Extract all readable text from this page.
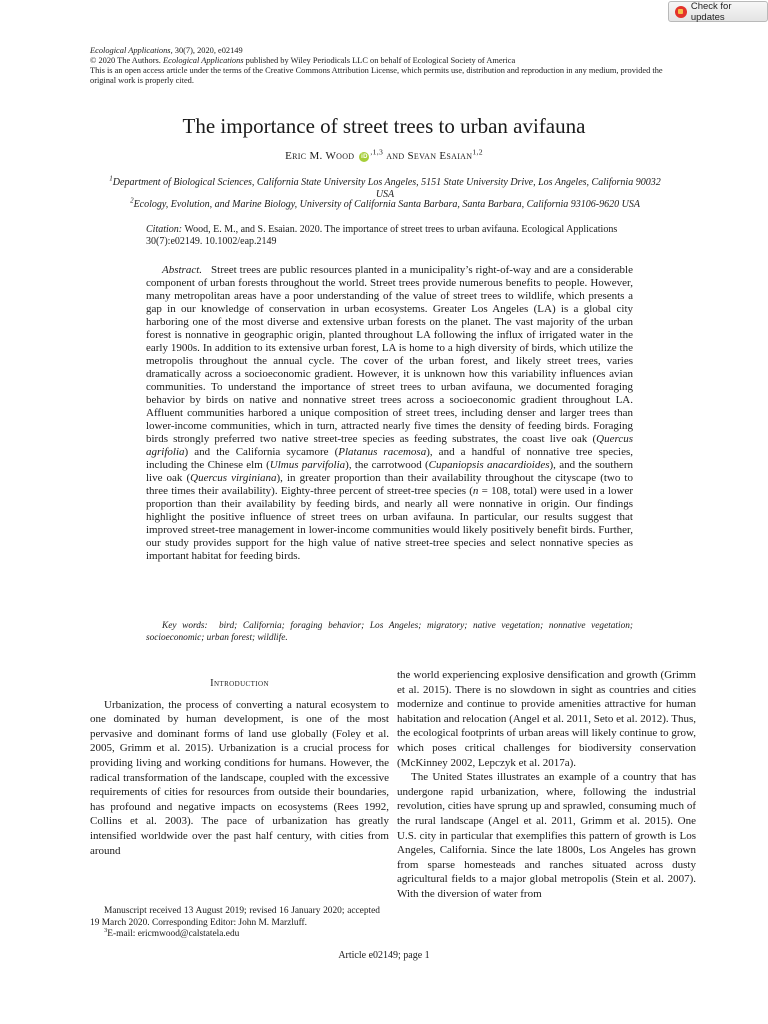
Check for updates
Ecological Applications, 30(7), 2020, e02149
© 2020 The Authors. Ecological Applications published by Wiley Periodicals LLC on behalf of Ecological Society of America
This is an open access article under the terms of the Creative Commons Attribution License, which permits use, distribution and reproduction in any medium, provided the original work is properly cited.
The importance of street trees to urban avifauna
Eric M. Wood $iD^{,1,3}$ and Sevan Esaian$^{1,2}$
$^1$Department of Biological Sciences, California State University Los Angeles, 5151 State University Drive, Los Angeles, California 90032 USA
$^2$Ecology, Evolution, and Marine Biology, University of California Santa Barbara, Santa Barbara, California 93106-9620 USA
Citation: Wood, E. M., and S. Esaian. 2020. The importance of street trees to urban avifauna. Ecological Applications 30(7):e02149. 10.1002/eap.2149

Abstract. Street trees are public resources planted in a municipality’s right-of-way and are a considerable component of urban forests throughout the world. Street trees provide numerous benefits to people. However, many metropolitan areas have a poor understanding of the value of street trees to wildlife, which presents a gap in our knowledge of conservation in urban ecosystems. Greater Los Angeles (LA) is a global city harboring one of the most diverse and extensive urban forests on the planet. The vast majority of the urban forest is nonnative in geographic origin, planted throughout LA following the influx of irrigated water in the early 1900s. In addition to its extensive urban forest, LA is home to a high diversity of birds, which utilize the metropolis throughout the annual cycle. The cover of the urban forest, and likely street trees, varies dramatically across a socioeconomic gradient. However, it is unknown how this variability influences avian communities. To understand the importance of street trees to urban avifauna, we documented foraging behavior by birds on native and nonnative street trees across a socioeconomic gradient throughout LA. Affluent communities harbored a unique composition of street trees, including denser and larger trees than lower-income communities, which in turn, attracted nearly five times the density of feeding birds. Foraging birds strongly preferred two native street-tree species as feeding substrates, the coast live oak (Quercus agrifolia) and the California sycamore (Platanus racemosa), and a handful of nonnative tree species, including the Chinese elm (Ulmus parvifolia), the carrotwood (Cupaniopsis anacardioides), and the southern live oak (Quercus virginiana), in greater proportion than their availability throughout the cityscape (two to three times their availability). Eighty-three percent of street-tree species (n = 108, total) were used in a lower proportion than their availability by feeding birds, and nearly all were nonnative in origin. Our findings highlight the positive influence of street trees on urban avifauna. In particular, our results suggest that improved street-tree management in lower-income communities would likely positively benefit birds. Further, our study provides support for the high value of native street-tree species and select nonnative species as important habitat for feeding birds.

Key words: bird; California; foraging behavior; Los Angeles; migratory; native vegetation; nonnative vegetation; socioeconomic; urban forest; wildlife.
Introduction

Urbanization, the process of converting a natural ecosystem to one dominated by human development, is one of the most pervasive and dominant forms of land use globally (Foley et al. 2005, Grimm et al. 2015). Urbanization is a crucial process for providing living and working conditions for humans. However, the radical transformation of the landscape, coupled with the excessive requirements of cities for resources from outside their boundaries, has profound and negative impacts on ecosystems (Rees 1992, Collins et al. 2003). The pace of urbanization has greatly intensified worldwide over the past half century, with cities from around

the world experiencing explosive densification and growth (Grimm et al. 2015). There is no slowdown in sight as countries and cities modernize and continue to provide amenities attractive for human habitation and relocation (Angel et al. 2011, Seto et al. 2012). Thus, the ecological footprints of urban areas will likely continue to grow, which poses critical challenges for biodiversity conservation (McKinney 2002, Lepczyk et al. 2017a).

The United States illustrates an example of a country that has undergone rapid urbanization, where, following the industrial revolution, cities have sprung up and sprawled, consuming much of the rural landscape (Angel et al. 2011, Grimm et al. 2015). One U.S. city in particular that exemplifies this pattern of growth is Los Angeles, California. Since the late 1800s, Los Angeles has grown from sparse homesteads and ranches situated across dusty agricultural fields to a major global metropolis (Stein et al. 2007). With the diversion of water from

Manuscript received 13 August 2019; revised 16 January 2020; accepted 19 March 2020. Corresponding Editor: John M. Marzluff.

$^3$E-mail: ericmwood@calstatela.edu

Article e02149; page 1
